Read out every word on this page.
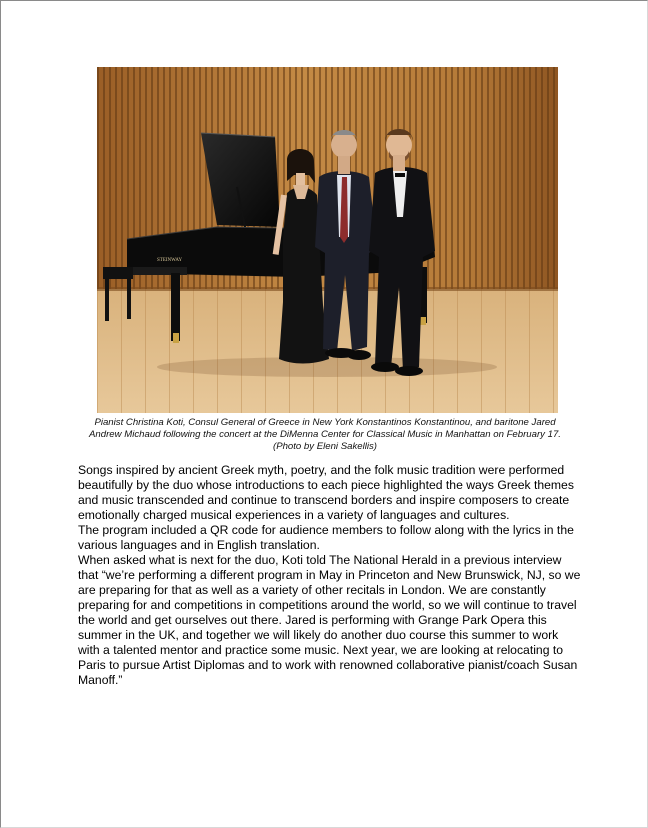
STEINWAY
Pianist Christina Koti, Consul General of Greece in New York Konstantinos Konstantinou, and baritone Jared Andrew Michaud following the concert at the DiMenna Center for Classical Music in Manhattan on February 17. (Photo by Eleni Sakellis)

Songs inspired by ancient Greek myth, poetry, and the folk music tradition were performed beautifully by the duo whose introductions to each piece highlighted the ways Greek themes and music transcended and continue to transcend borders and inspire composers to create emotionally charged musical experiences in a variety of languages and cultures.

The program included a QR code for audience members to follow along with the lyrics in the various languages and in English translation.

When asked what is next for the duo, Koti told The National Herald in a previous interview that “we’re performing a different program in May in Princeton and New Brunswick, NJ, so we are preparing for that as well as a variety of other recitals in London. We are constantly preparing for and competitions in competitions around the world, so we will continue to travel the world and get ourselves out there. Jared is performing with Grange Park Opera this summer in the UK, and together we will likely do another duo course this summer to work with a talented mentor and practice some music. Next year, we are looking at relocating to Paris to pursue Artist Diplomas and to work with renowned collaborative pianist/coach Susan Manoff.”
